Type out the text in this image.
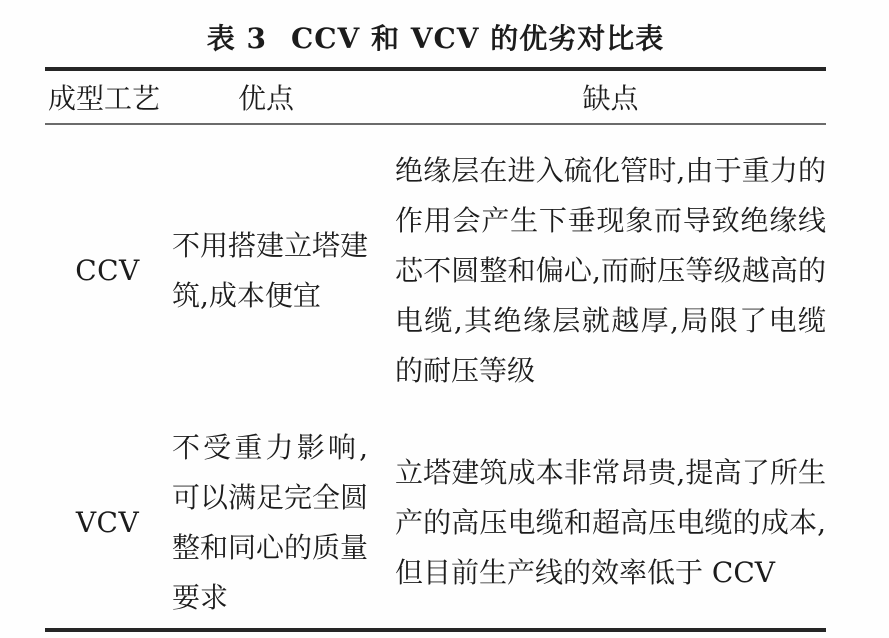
表 3 CCV 和 VCV 的优劣对比表
成型工艺	优点	缺点
CCV

不用搭建立塔建筑,成本便宜

绝缘层在进入硫化管时,由于重力的作用会产生下垂现象而导致绝缘线芯不圆整和偏心,而耐压等级越高的电缆,其绝缘层就越厚,局限了电缆的耐压等级

VCV

不受重力影响,可以满足完全圆整和同心的质量要求

立塔建筑成本非常昂贵,提高了所生产的高压电缆和超高压电缆的成本,但目前生产线的效率低于 CCV
